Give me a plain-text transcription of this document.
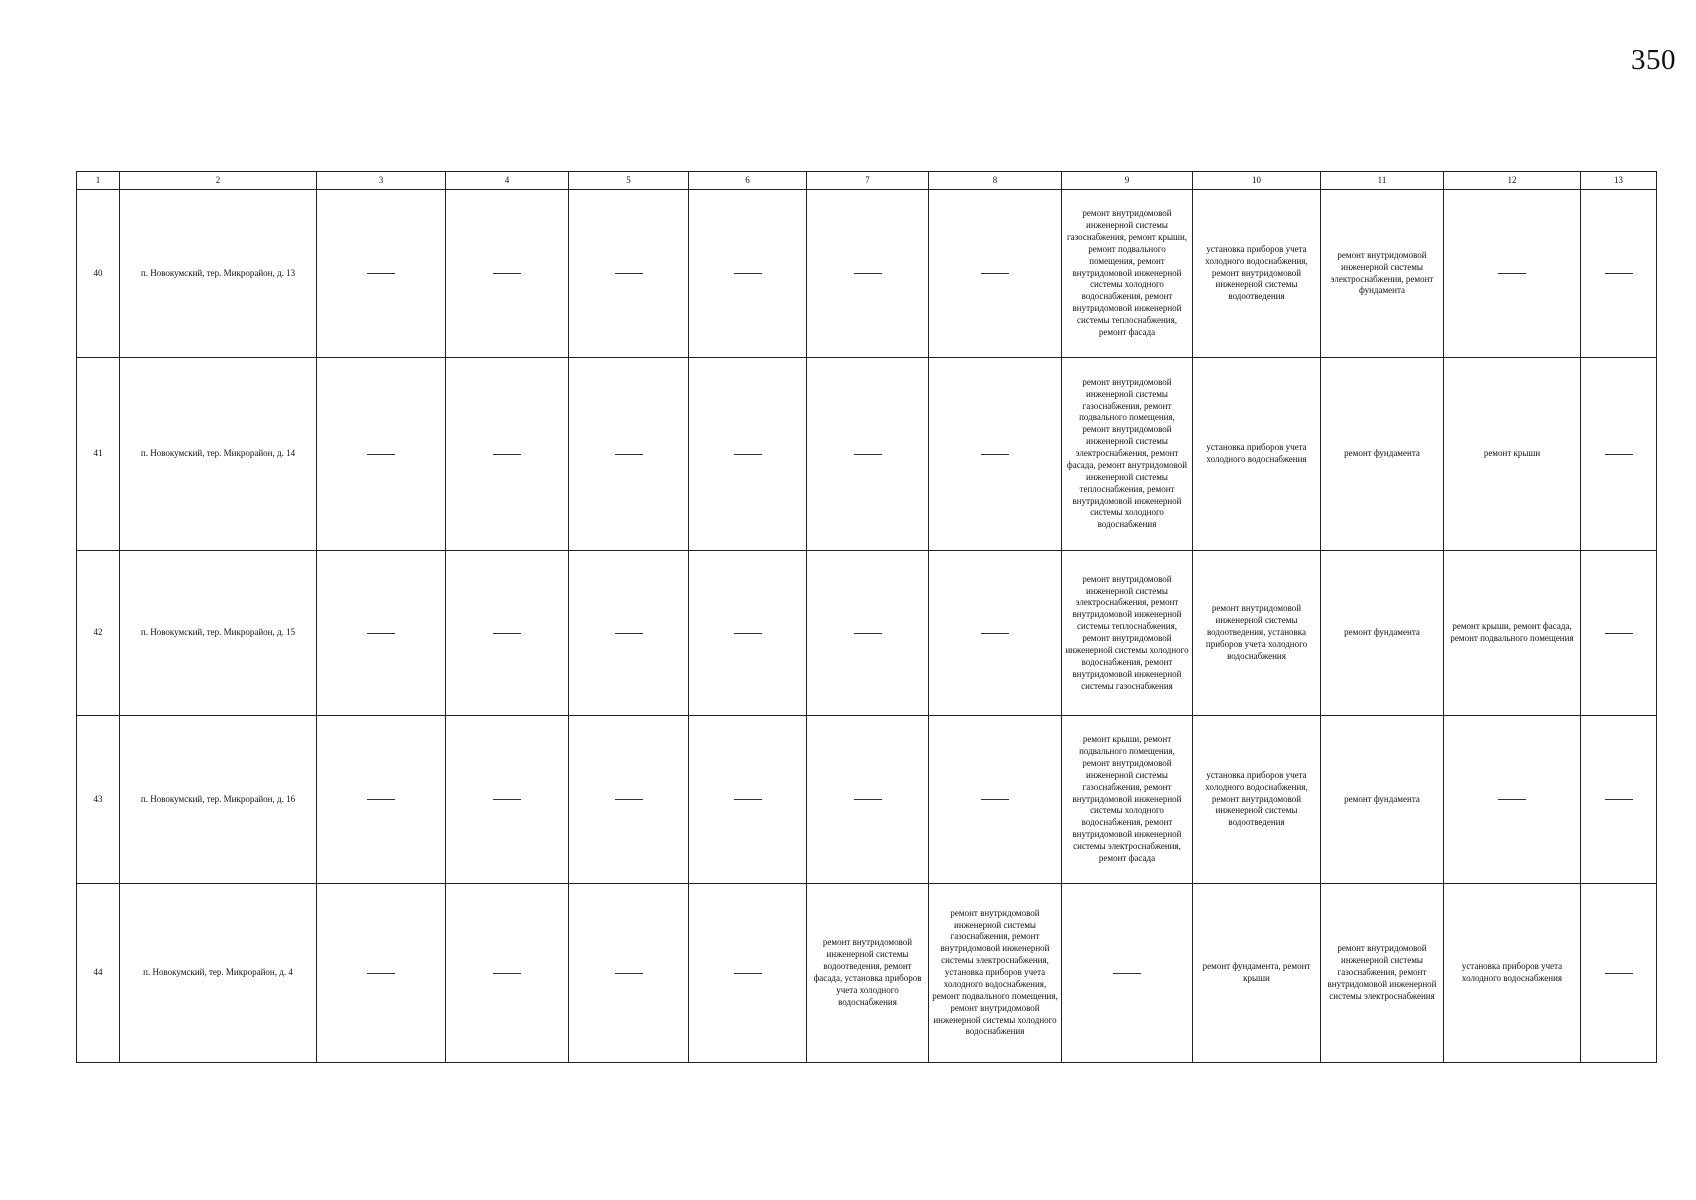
350
1	2	3	4	5	6	7	8	9	10	11	12	13
40	п. Новокумский, тер. Микрорайон, д. 13							ремонт внутридомовой инженерной системы газоснабжения, ремонт крыши, ремонт подвального помещения, ремонт внутридомовой инженерной системы холодного водоснабжения, ремонт внутридомовой инженерной системы теплоснабжения, ремонт фасада	установка приборов учета холодного водоснабжения, ремонт внутридомовой инженерной системы водоотведения	ремонт внутридомовой инженерной системы электроснабжения, ремонт фундамента		
41	п. Новокумский, тер. Микрорайон, д. 14							ремонт внутридомовой инженерной системы газоснабжения, ремонт подвального помещения, ремонт внутридомовой инженерной системы электроснабжения, ремонт фасада, ремонт внутридомовой инженерной системы теплоснабжения, ремонт внутридомовой инженерной системы холодного водоснабжения	установка приборов учета холодного водоснабжения	ремонт фундамента	ремонт крыши	
42	п. Новокумский, тер. Микрорайон, д. 15							ремонт внутридомовой инженерной системы электроснабжения, ремонт внутридомовой инженерной системы теплоснабжения, ремонт внутридомовой инженерной системы холодного водоснабжения, ремонт внутридомовой инженерной системы газоснабжения	ремонт внутридомовой инженерной системы водоотведения, установка приборов учета холодного водоснабжения	ремонт фундамента	ремонт крыши, ремонт фасада, ремонт подвального помещения	
43	п. Новокумский, тер. Микрорайон, д. 16							ремонт крыши, ремонт подвального помещения, ремонт внутридомовой инженерной системы газоснабжения, ремонт внутридомовой инженерной системы холодного водоснабжения, ремонт внутридомовой инженерной системы электроснабжения, ремонт фасада	установка приборов учета холодного водоснабжения, ремонт внутридомовой инженерной системы водоотведения	ремонт фундамента		
44	п. Новокумский, тер. Микрорайон, д. 4					ремонт внутридомовой инженерной системы водоотведения, ремонт фасада, установка приборов учета холодного водоснабжения	ремонт внутридомовой инженерной системы газоснабжения, ремонт внутридомовой инженерной системы электроснабжения, установка приборов учета холодного водоснабжения, ремонт подвального помещения, ремонт внутридомовой инженерной системы холодного водоснабжения		ремонт фундамента, ремонт крыши	ремонт внутридомовой инженерной системы газоснабжения, ремонт внутридомовой инженерной системы электроснабжения	установка приборов учета холодного водоснабжения	
